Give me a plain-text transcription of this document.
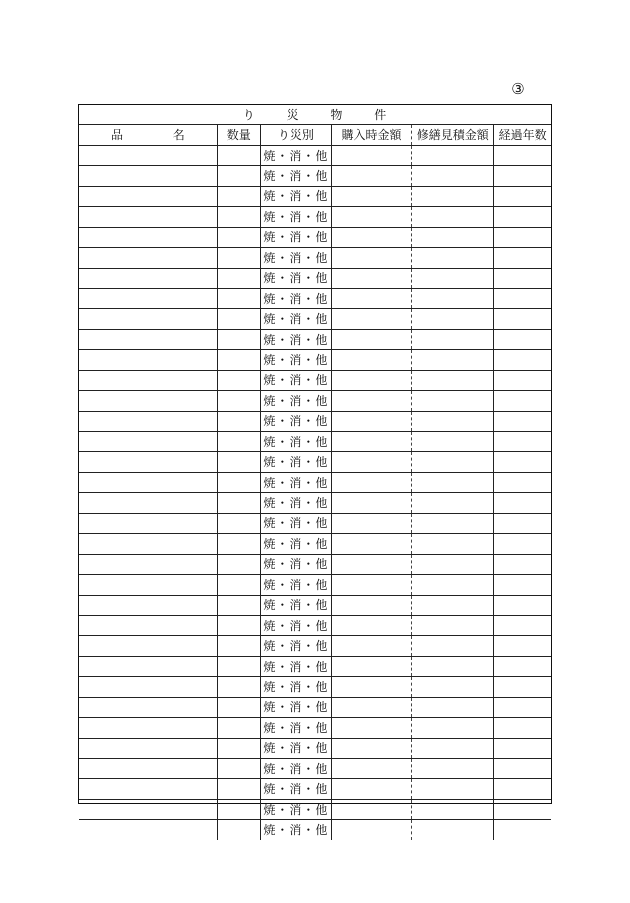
③
り 災 物 件					
品 名	数量	り災別	購入時金額	修繕見積金額	経過年数
		焼・消・他			
		焼・消・他			
		焼・消・他			
		焼・消・他			
		焼・消・他			
		焼・消・他			
		焼・消・他			
		焼・消・他			
		焼・消・他			
		焼・消・他			
		焼・消・他			
		焼・消・他			
		焼・消・他			
		焼・消・他			
		焼・消・他			
		焼・消・他			
		焼・消・他			
		焼・消・他			
		焼・消・他			
		焼・消・他			
		焼・消・他			
		焼・消・他			
		焼・消・他			
		焼・消・他			
		焼・消・他			
		焼・消・他			
		焼・消・他			
		焼・消・他			
		焼・消・他			
		焼・消・他			
		焼・消・他			
		焼・消・他			
		焼・消・他			
		焼・消・他			
